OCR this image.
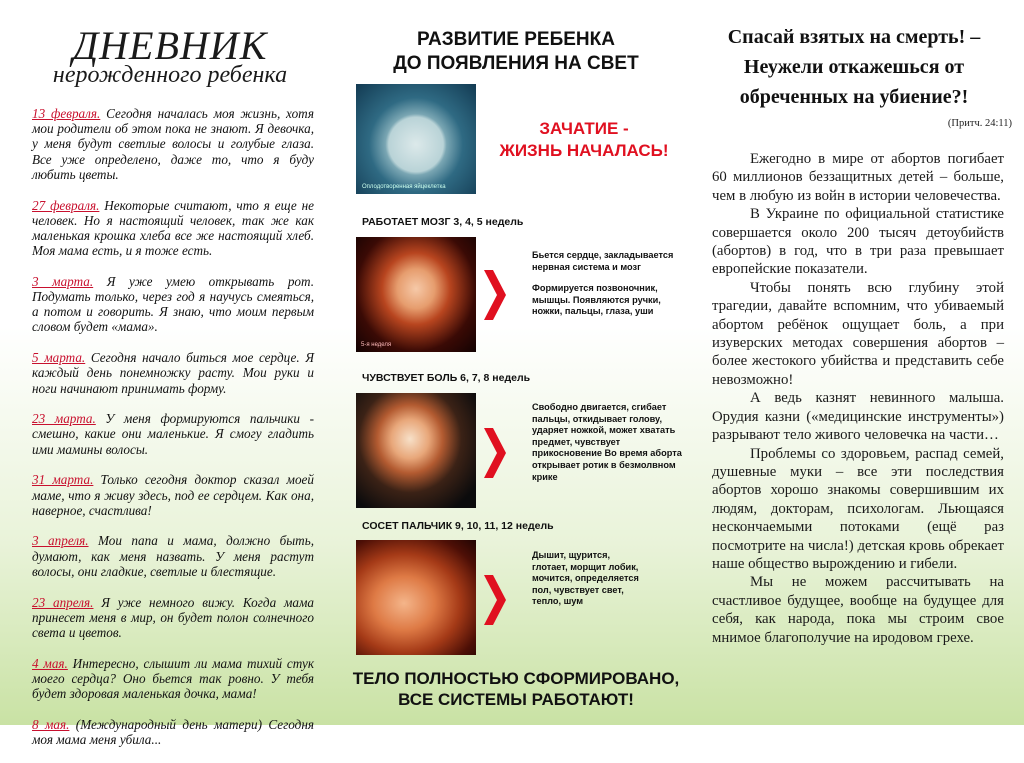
ДНЕВНИК
нерожденного ребенка
13 февраля. Сегодня началась моя жизнь, хотя мои родители об этом пока не знают. Я девочка, у меня будут светлые волосы и голубые глаза. Все уже определено, даже то, что я буду любить цветы.
27 февраля. Некоторые считают, что я еще не человек. Но я настоящий человек, так же как маленькая крошка хлеба все же настоящий хлеб. Моя мама есть, и я тоже есть.
3 марта. Я уже умею открывать рот. Подумать только, через год я научусь смеяться, а потом и говорить. Я знаю, что моим первым словом будет «мама».
5 марта. Сегодня начало биться мое сердце. Я каждый день понемножку расту. Мои руки и ноги начинают принимать форму.
23 марта. У меня формируются пальчики - смешно, какие они маленькие. Я смогу гладить ими мамины волосы.
31 марта. Только сегодня доктор сказал моей маме, что я живу здесь, под ее сердцем. Как она, наверное, счастлива!
3 апреля. Мои папа и мама, должно быть, думают, как меня назвать. У меня растут волосы, они гладкие, светлые и блестящие.
23 апреля. Я уже немного вижу. Когда мама принесет меня в мир, он будет полон солнечного света и цветов.
4 мая. Интересно, слышит ли мама тихий стук моего сердца? Оно бьется так ровно. У тебя будет здоровая маленькая дочка, мама!
8 мая. (Международный день матери) Сегодня моя мама меня убила...
РАЗВИТИЕ РЕБЕНКА
ДО ПОЯВЛЕНИЯ НА СВЕТ
Оплодотворенная яйцеклетка
ЗАЧАТИЕ -
ЖИЗНЬ НАЧАЛАСЬ!
РАБОТАЕТ МОЗГ 3, 4, 5 недель
5-я неделя

Бьется сердце, закладывается нервная система и мозг

Формируется позвоночник, мышцы. Появляются ручки, ножки, пальцы, глаза, уши

ЧУВСТВУЕТ БОЛЬ 6, 7, 8 недель

Свободно двигается, сгибает пальцы, откидывает голову, ударяет ножкой, может хватать предмет, чувствует прикосновение Во время аборта открывает ротик в безмолвном крике

СОСЕТ ПАЛЬЧИК 9, 10, 11, 12 недель

Дышит, щурится, глотает, морщит лобик, мочится, определяется пол, чувствует свет, тепло, шум

ТЕЛО ПОЛНОСТЬЮ СФОРМИРОВАНО,
ВСЕ СИСТЕМЫ РАБОТАЮТ!
Спасай взятых на смерть! –
Неужели откажешься от
обреченных на убиение?!
(Притч. 24:11)

Ежегодно в мире от абортов погибает 60 миллионов беззащитных детей – больше, чем в любую из войн в истории человечества.

В Украине по официальной статистике совершается около 200 тысяч детоубийств (абортов) в год, что в три раза превышает европейские показатели.

Чтобы понять всю глубину этой трагедии, давайте вспомним, что убиваемый абортом ребёнок ощущает боль, а при изуверских методах совершения абортов – более жестокого убийства и представить себе невозможно!

А ведь казнят невинного малыша. Орудия казни («медицинские инструменты») разрывают тело живого человечка на части…

Проблемы со здоровьем, распад семей, душевные муки – все эти последствия абортов хорошо знакомы совершившим их людям, докторам, психологам. Льющаяся нескончаемыми потоками (ещё раз посмотрите на числа!) детская кровь обрекает наше общество вырождению и гибели.

Мы не можем рассчитывать на счастливое будущее, вообще на будущее для себя, как народа, пока мы строим свое мнимое благополучие на иродовом грехе.
